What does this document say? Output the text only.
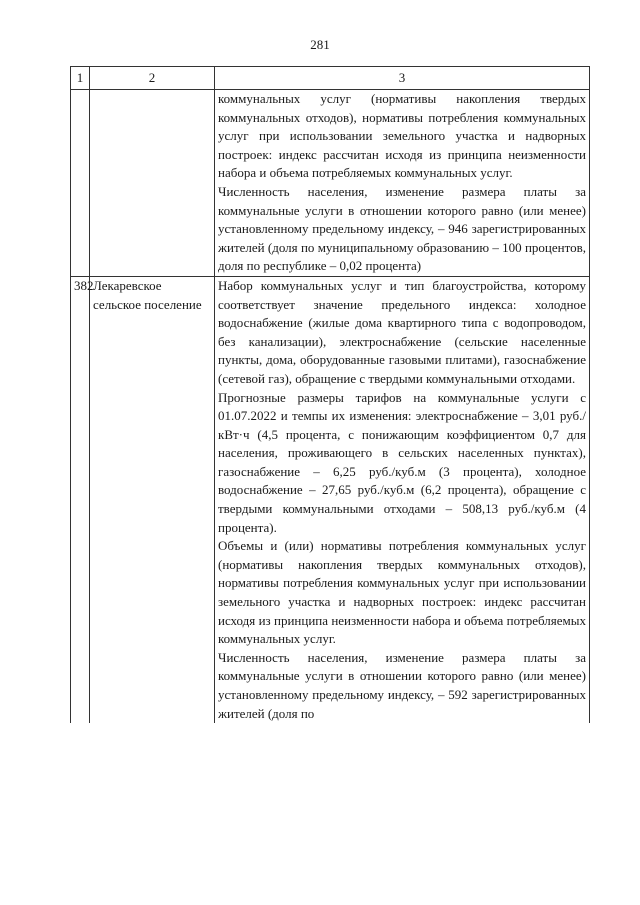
281
1	2	3

		коммунальных услуг (нормативы накопления твердых коммунальных отходов), нормативы потребления коммунальных услуг при использовании земельного участка и надворных построек: индекс рассчитан исходя из принципа неизменности набора и объема потребляемых коммунальных услуг.

Численность населения, изменение размера платы за коммунальные услуги в отношении которого равно (или менее) установленному предельному индексу, – 946 зарегистрированных жителей (доля по муниципальному образованию – 100 процентов, доля по республике – 0,02 процента)

382	Лекаревское сельское поселение	Набор коммунальных услуг и тип благоустройства, которому соответствует значение предельного индекса: холодное водоснабжение (жилые дома квартирного типа с водопроводом, без канализации), электроснабжение (сельские населенные пункты, дома, оборудованные газовыми плитами), газоснабжение (сетевой газ), обращение с твердыми коммунальными отходами.

Прогнозные размеры тарифов на коммунальные услуги с 01.07.2022 и темпы их изменения: электроснабжение – 3,01 руб./кВт·ч (4,5 процента, с понижающим коэффициентом 0,7 для населения, проживающего в сельских населенных пунктах), газоснабжение – 6,25 руб./куб.м (3 процента), холодное водоснабжение – 27,65 руб./куб.м (6,2 процента), обращение с твердыми коммунальными отходами – 508,13 руб./куб.м (4 процента).

Объемы и (или) нормативы потребления коммунальных услуг (нормативы накопления твердых коммунальных отходов), нормативы потребления коммунальных услуг при использовании земельного участка и надворных построек: индекс рассчитан исходя из принципа неизменности набора и объема потребляемых коммунальных услуг.

Численность населения, изменение размера платы за коммунальные услуги в отношении которого равно (или менее) установленному предельному индексу, – 592 зарегистрированных жителей (доля по
